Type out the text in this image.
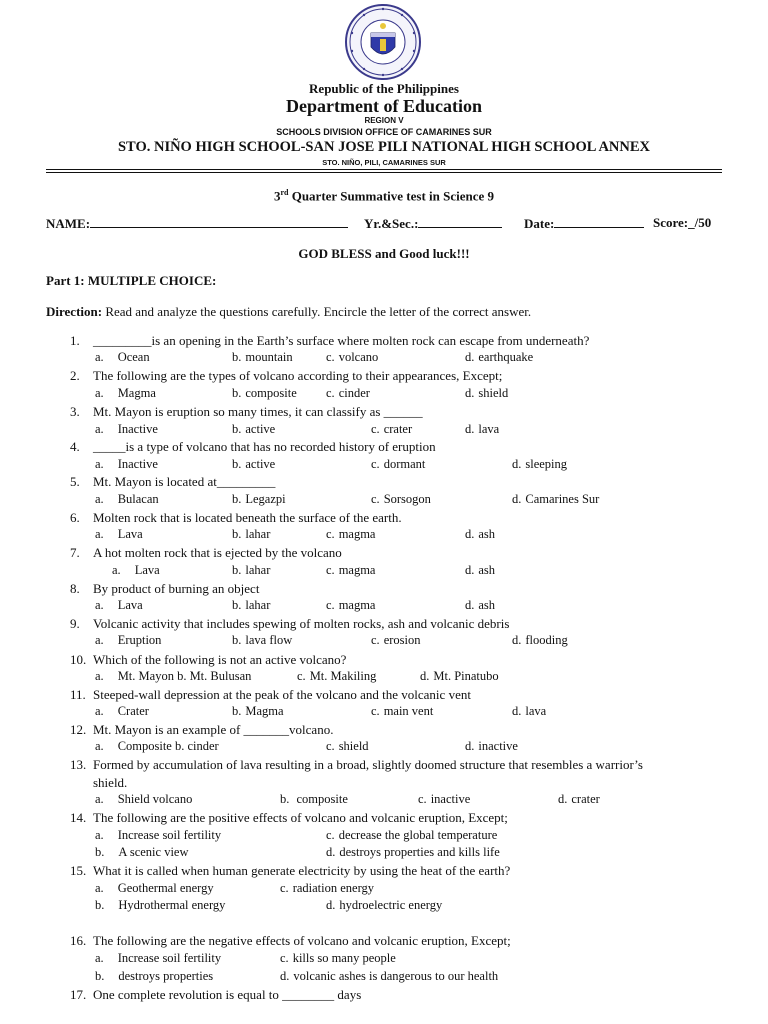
Republic of the Philippines
Department of Education
REGION V
SCHOOLS DIVISION OFFICE OF CAMARINES SUR
STO. NIÑO HIGH SCHOOL-SAN JOSE PILI NATIONAL HIGH SCHOOL ANNEX
STO. NIÑO, PILI, CAMARINES SUR
3rd Quarter Summative test in Science 9
NAME:	Yr.&Sec.:	Date:	Score:_/50
GOD BLESS and Good luck!!!
Part 1: MULTIPLE CHOICE:
Direction: Read and analyze the questions carefully. Encircle the letter of the correct answer.
1. _________is an opening in the Earth’s surface where molten rock can escape from underneath?
a. Ocean	b. mountain	c. volcano	d. earthquake
2. The following are the types of volcano according to their appearances, Except;
a. Magma	b. composite c. cinder	d. shield
3. Mt. Mayon is eruption so many times, it can classify as ______
a. Inactive	b. active	c. crater	d. lava
4. _____is a type of volcano that has no recorded history of eruption
a. Inactive	b. active	c. dormant	d. sleeping
5. Mt. Mayon is located at_________
a. Bulacan	b. Legazpi	c. Sorsogon	d. Camarines Sur
6. Molten rock that is located beneath the surface of the earth.
a. Lava	b. lahar	c. magma	d. ash
7. A hot molten rock that is ejected by the volcano
a. Lava	b. lahar	c. magma	d. ash
8. By product of burning an object
a. Lava	b. lahar	c. magma	d. ash
9. Volcanic activity that includes spewing of molten rocks, ash and volcanic debris
a. Eruption	b. lava flow	c. erosion	d. flooding
10. Which of the following is not an active volcano?
a. Mt. Mayon b. Mt. Bulusan	c. Mt. Makiling	d. Mt. Pinatubo
11. Steeped-wall depression at the peak of the volcano and the volcanic vent
a. Crater	b. Magma	c. main vent	d. lava
12. Mt. Mayon is an example of _______volcano.
a. Composite b. cinder	c. shield	d. inactive
13. Formed by accumulation of lava resulting in a broad, slightly doomed structure that resembles a warrior’s
shield.
a. Shield volcano	b. composite	c. inactive	d. crater
14. The following are the positive effects of volcano and volcanic eruption, Except;
a. Increase soil fertility	c. decrease the global temperature
b. A scenic view	d. destroys properties and kills life
15. What it is called when human generate electricity by using the heat of the earth?
a. Geothermal energy	c. radiation energy
b. Hydrothermal energy	d. hydroelectric energy
16. The following are the negative effects of volcano and volcanic eruption, Except;
a. Increase soil fertility	c. kills so many people
b. destroys properties	d. volcanic ashes is dangerous to our health
17. One complete revolution is equal to ________ days
